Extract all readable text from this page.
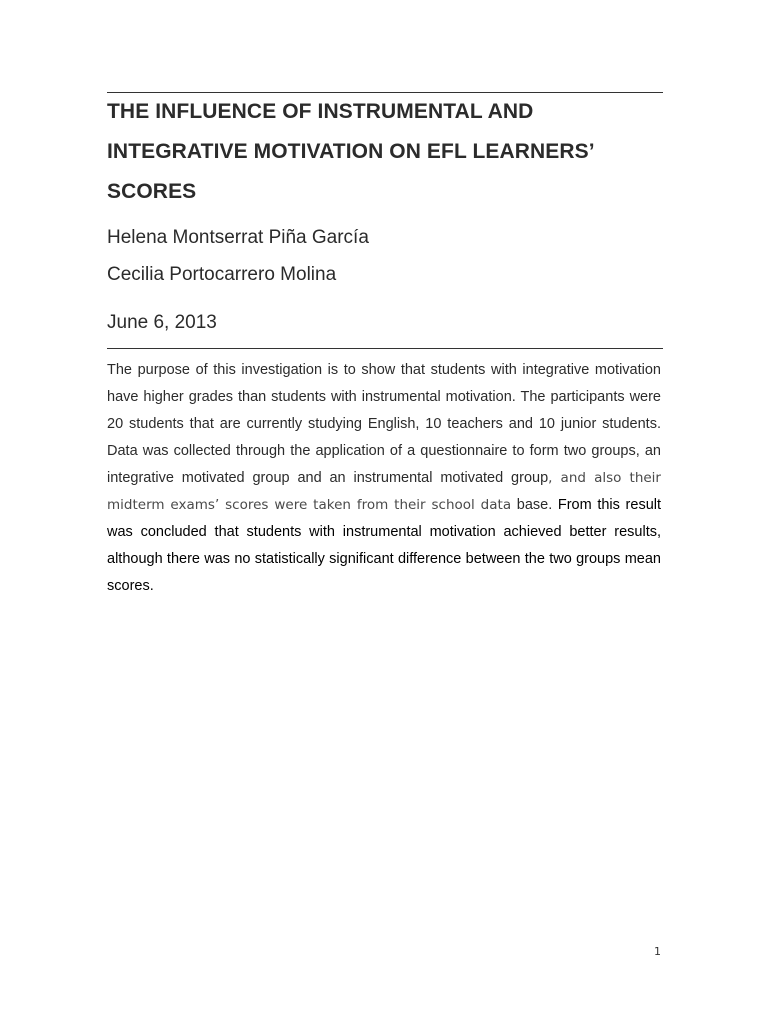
THE INFLUENCE OF INSTRUMENTAL AND
INTEGRATIVE MOTIVATION ON EFL LEARNERS’
SCORES

Helena Montserrat Piña García

Cecilia Portocarrero Molina

June 6, 2013

The purpose of this investigation is to show that students with integrative motivation have higher grades than students with instrumental motivation. The participants were 20 students that are currently studying English, 10 teachers and 10 junior students. Data was collected through the application of a questionnaire to form two groups, an integrative motivated group and an instrumental motivated group, and also their midterm exams’ scores were taken from their school data base. From this result was concluded that students with instrumental motivation achieved better results, although there was no statistically significant difference between the two groups mean scores.

1
